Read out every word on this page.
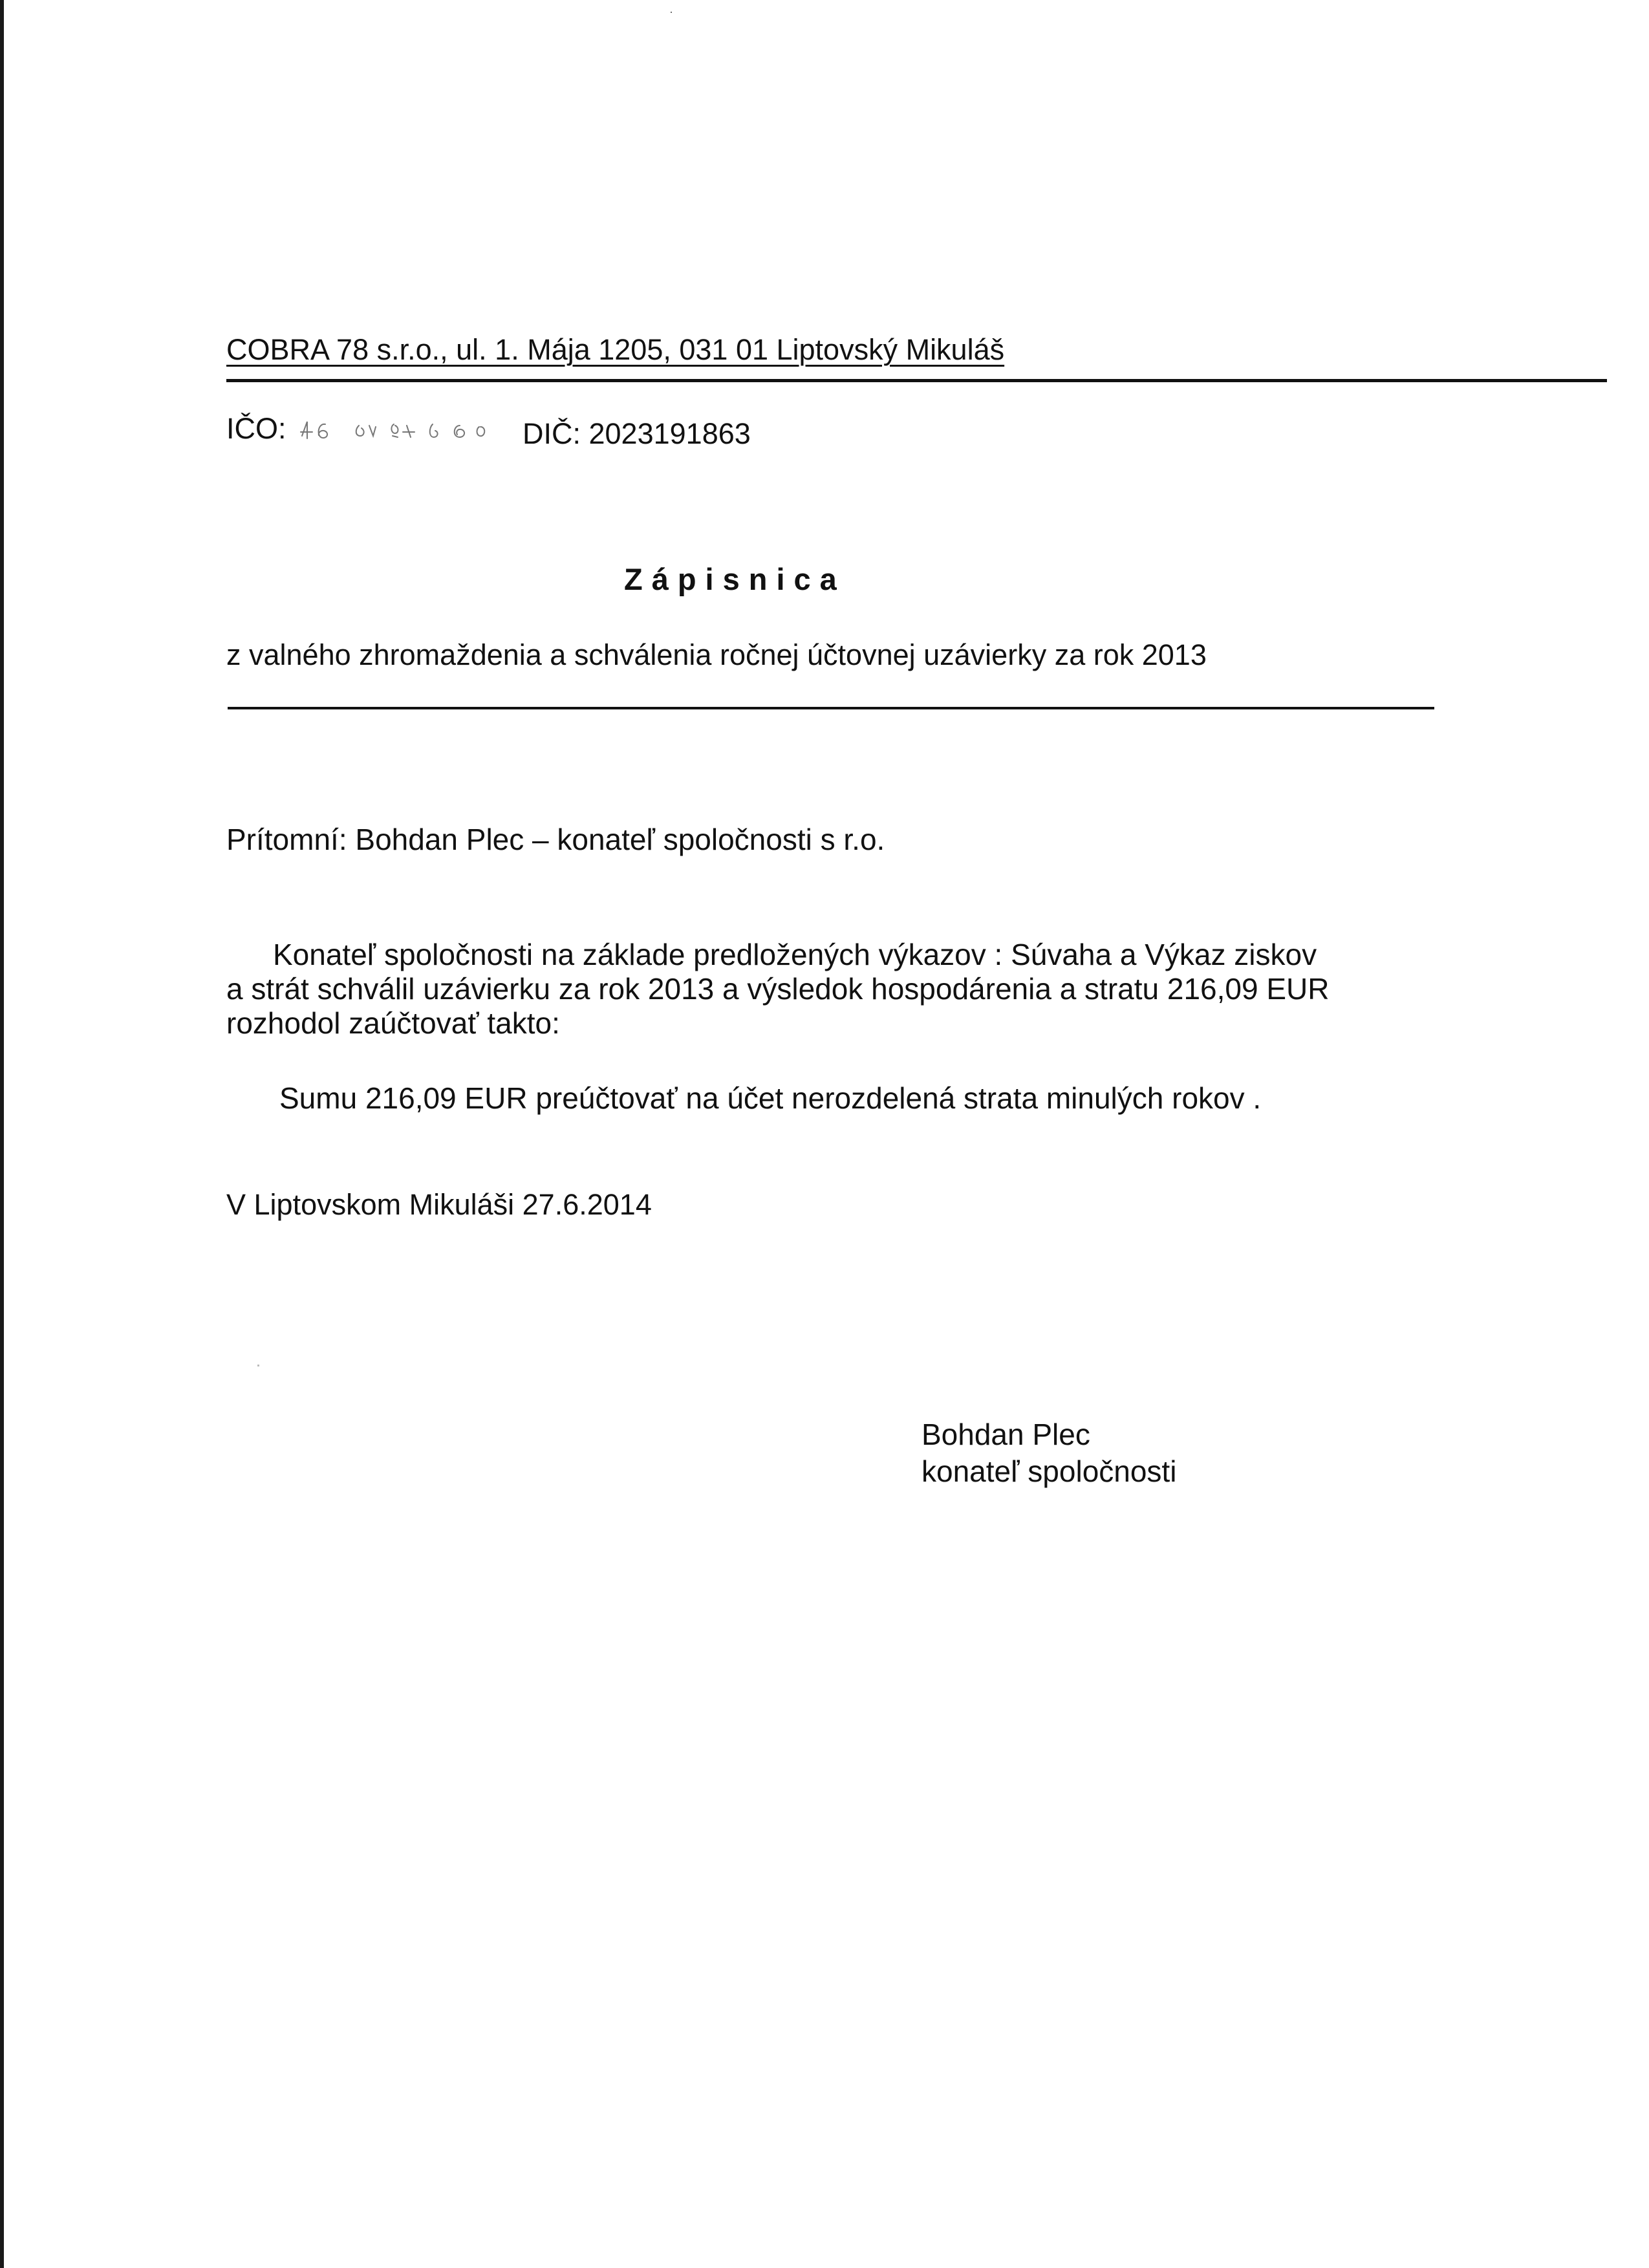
·
COBRA 78 s.r.o., ul. 1. Mája 1205, 031 01 Liptovský Mikuláš
IČO:	DIČ: 2023191863
Zápisnica
z valného zhromaždenia a schválenia ročnej účtovnej uzávierky za rok 2013
Prítomní: Bohdan Plec – konateľ spoločnosti s r.o.
Konateľ spoločnosti na základe predložených výkazov : Súvaha a Výkaz ziskov
a strát schválil uzávierku za rok 2013 a výsledok hospodárenia a stratu 216,09 EUR
rozhodol zaúčtovať takto:
Sumu 216,09 EUR preúčtovať na účet nerozdelená strata minulých rokov .
V Liptovskom Mikuláši 27.6.2014
Bohdan Plec
konateľ spoločnosti
